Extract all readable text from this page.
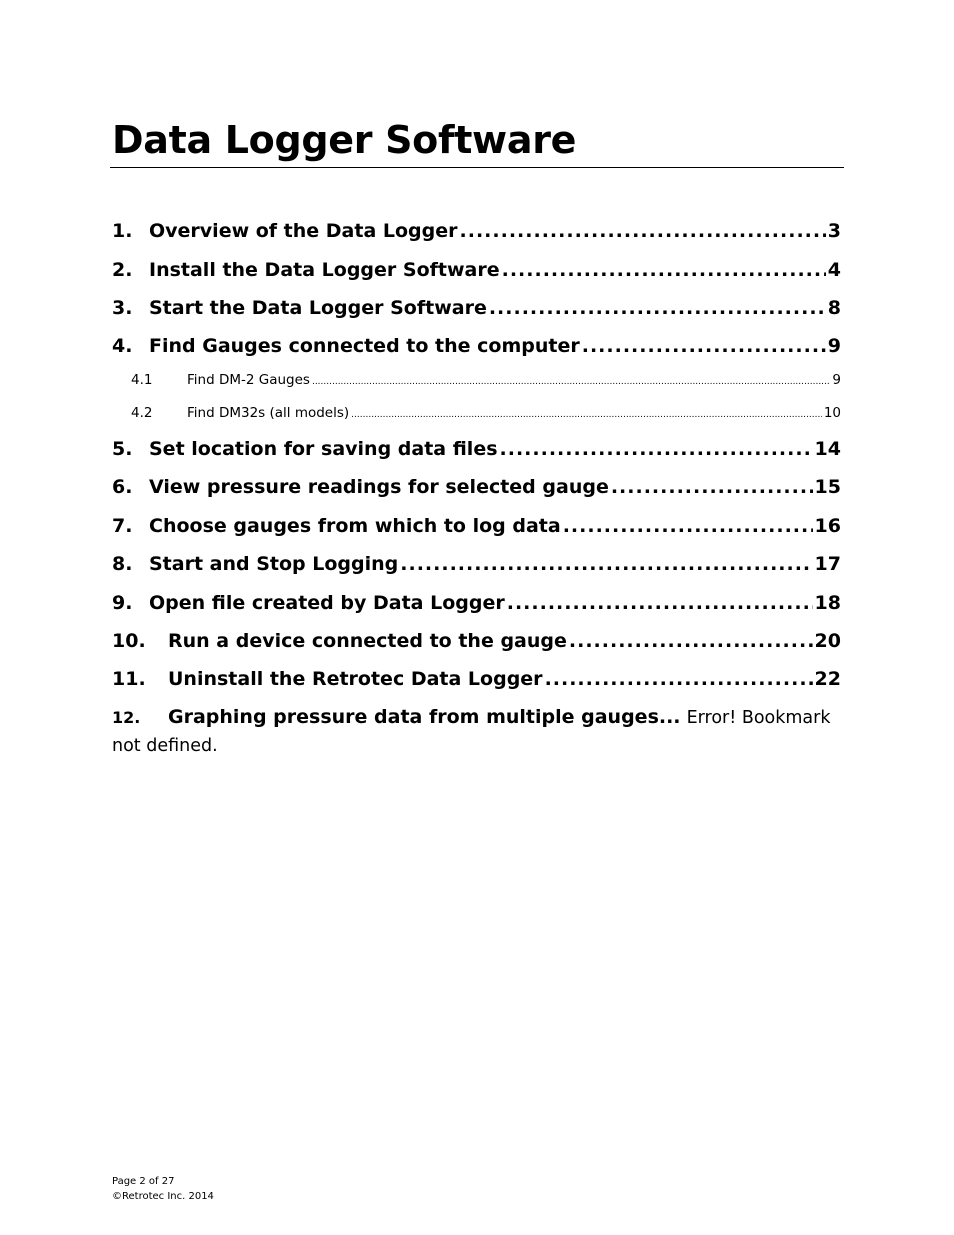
Data Logger Software
1. Overview of the Data Logger .....	3
2. Install the Data Logger Software .....	4
3. Start the Data Logger Software .....	8
4. Find Gauges connected to the computer .....	9
4.1	Find DM-2 Gauges .....	9
4.2	Find DM32s (all models) .....	10
5. Set location for saving data files .....	14
6. View pressure readings for selected gauge .....	15
7. Choose gauges from which to log data .....	16
8. Start and Stop Logging .....	17
9. Open file created by Data Logger .....	18
10.	Run a device connected to the gauge .....	20
11.	Uninstall the Retrotec Data Logger .....	22
12. Graphing pressure data from multiple gauges... Error! Bookmark not defined.
Page 2 of 27
©Retrotec Inc. 2014
